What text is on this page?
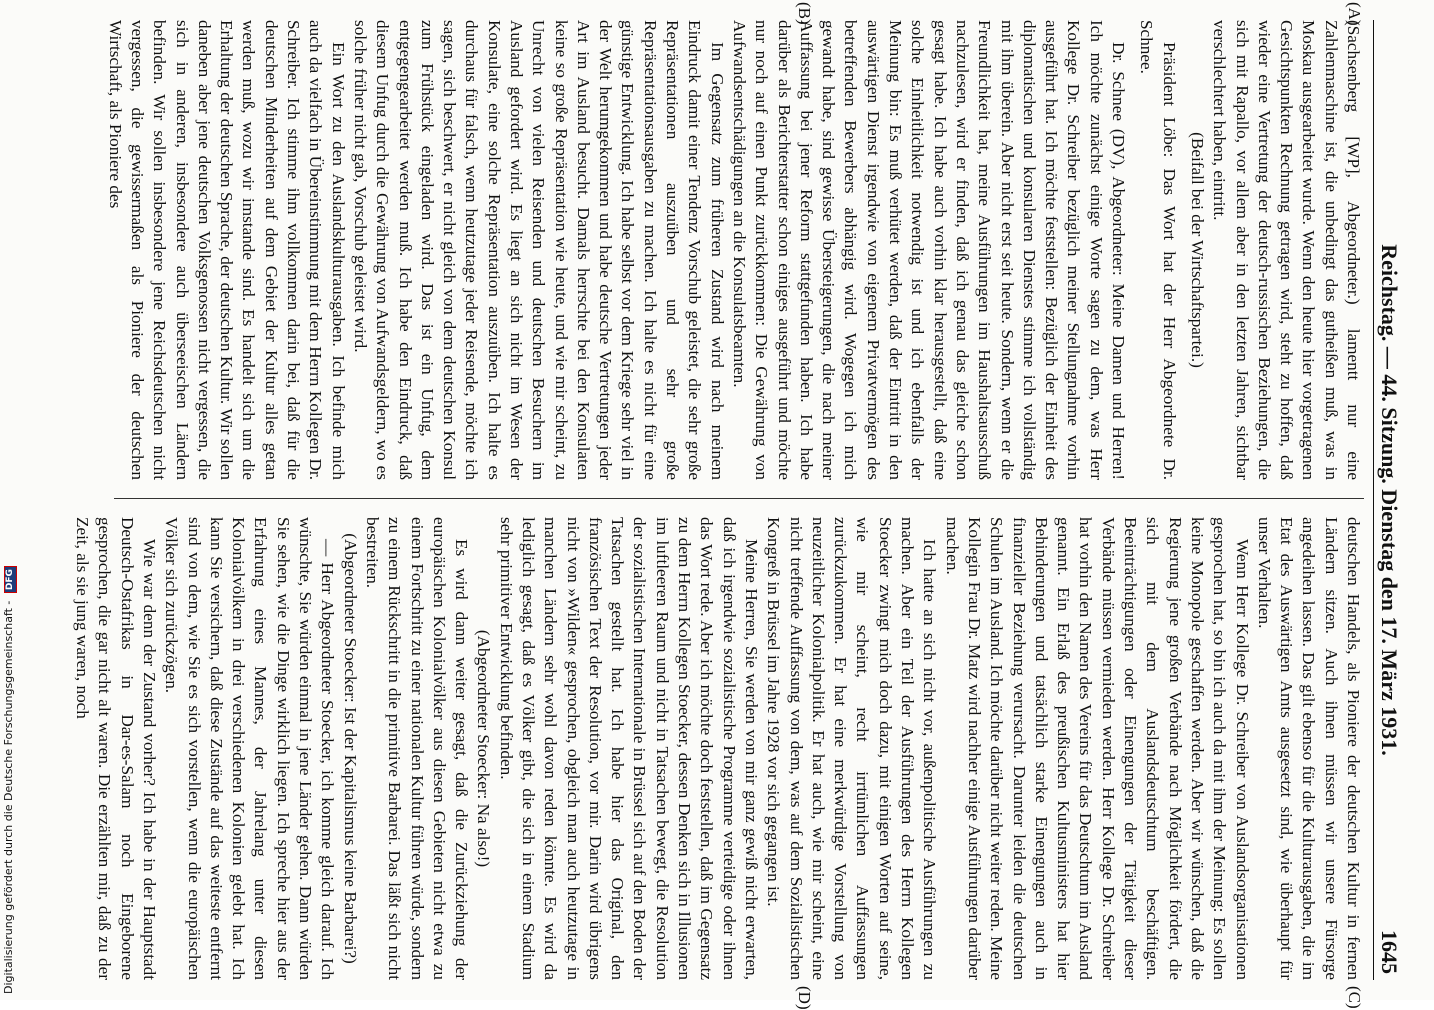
Reichstag. — 44. Sitzung. Dienstag den 17. März 1931.
1645
(A)
(B)
(C)
(D)

(Sachsenberg [WP], Abgeordneter.) lamentt nur eine Zahlenmaschine ist, die unbedingt das gutheißen muß, was in Moskau ausgearbeitet wurde. Wenn den heute hier vorgetragenen Gesichtspunkten Rechnung getragen wird, steht zu hoffen, daß wieder eine Vertretung der deutsch-russischen Beziehungen, die sich mit Rapallo, vor allem aber in den letzten Jahren, sichtbar verschlechtert haben, eintritt.

(Beifall bei der Wirtschaftspartei.)

Präsident Löbe: Das Wort hat der Herr Abgeordnete Dr. Schnee.

Dr. Schnee (DV), Abgeordneter: Meine Damen und Herren! Ich möchte zunächst einige Worte sagen zu dem, was Herr Kollege Dr. Schreiber bezüglich meiner Stellungnahme vorhin ausgeführt hat. Ich möchte feststellen: Bezüglich der Einheit des diplomatischen und konsularen Dienstes stimme ich vollständig mit ihm überein. Aber nicht erst seit heute. Sondern, wenn er die Freundlichkeit hat, meine Ausführungen im Haushaltsausschuß nachzulesen, wird er finden, daß ich genau das gleiche schon gesagt habe. Ich habe auch vorhin klar herausgestellt, daß eine solche Einheitlichkeit notwendig ist und ich ebenfalls der Meinung bin: Es muß verhütet werden, daß der Eintritt in den auswärtigen Dienst irgendwie von eigenem Privatvermögen des betreffenden Bewerbers abhängig wird. Wogegen ich mich gewandt habe, sind gewisse Übersteigerungen, die nach meiner Auffassung bei jener Reform stattgefunden haben. Ich habe darüber als Berichterstatter schon einiges ausgeführt und möchte nur noch auf einen Punkt zurückkommen: Die Gewährung von Aufwandsentschädigungen an die Konsulatsbeamten.

Im Gegensatz zum früheren Zustand wird nach meinem Eindruck damit einer Tendenz Vorschub geleistet, die sehr große Repräsentationen auszuüben und sehr große Repräsentationsausgaben zu machen. Ich halte es nicht für eine günstige Entwicklung. Ich habe selbst vor dem Kriege sehr viel in der Welt herumgekommen und habe deutsche Vertretungen jeder Art im Ausland besucht. Damals herrschte bei den Konsulaten keine so große Repräsentation wie heute, und wie mir scheint, zu Unrecht von vielen Reisenden und deutschen Besuchern im Ausland gefordert wird. Es liegt an sich nicht im Wesen der Konsulate, eine solche Repräsentation auszuüben. Ich halte es durchaus für falsch, wenn heutzutage jeder Reisende, möchte ich sagen, sich beschwert, er nicht gleich von dem deutschen Konsul zum Frühstück eingeladen wird. Das ist ein Unfug, dem entgegengearbeitet werden muß. Ich habe den Eindruck, daß diesem Unfug durch die Gewährung von Aufwandsgeldern, wo es solche früher nicht gab, Vorschub geleistet wird.

Ein Wort zu den Auslandskulturausgaben. Ich befinde mich auch da vielfach in Übereinstimmung mit dem Herrn Kollegen Dr. Schreiber. Ich stimme ihm vollkommen darin bei, daß für die deutschen Minderheiten auf dem Gebiet der Kultur alles getan werden muß, wozu wir imstande sind. Es handelt sich um die Erhaltung der deutschen Sprache, der deutschen Kultur. Wir sollen daneben aber jene deutschen Volksgenossen nicht vergessen, die sich in anderen, insbesondere auch überseeischen Ländern befinden. Wir sollen insbesondere jene Reichsdeutschen nicht vergessen, die gewissermaßen als Pioniere der deutschen Wirtschaft, als Pioniere des

deutschen Handels, als Pioniere der deutschen Kultur in fernen Ländern sitzen. Auch ihnen müssen wir unsere Fürsorge angedeihen lassen. Das gilt ebenso für die Kulturausgaben, die im Etat des Auswärtigen Amts ausgesetzt sind, wie überhaupt für unser Verhalten.

Wenn Herr Kollege Dr. Schreiber von Auslandsorganisationen gesprochen hat, so bin ich auch da mit ihm der Meinung: Es sollen keine Monopole geschaffen werden. Aber wir wünschen, daß die Regierung jene großen Verbände nach Möglichkeit fördert, die sich mit dem Auslandsdeutschtum beschäftigen. Beeinträchtigungen oder Einengungen der Tätigkeit dieser Verbände müssen vermieden werden. Herr Kollege Dr. Schreiber hat vorhin den Namen des Vereins für das Deutschtum im Ausland genannt. Ein Erlaß des preußischen Kultusministers hat hier Behinderungen und tatsächlich starke Einengungen auch in finanzieller Beziehung verursacht. Darunter leiden die deutschen Schulen im Ausland. Ich möchte darüber nicht weiter reden. Meine Kollegin Frau Dr. Matz wird nachher einige Ausführungen darüber machen.

Ich hatte an sich nicht vor, außenpolitische Ausführungen zu machen. Aber ein Teil der Ausführungen des Herrn Kollegen Stoecker zwingt mich doch dazu, mit einigen Worten auf seine, wie mir scheint, recht irrtümlichen Auffassungen zurückzukommen. Er hat eine merkwürdige Vorstellung von neuzeitlicher Kolonialpolitik. Er hat auch, wie mir scheint, eine nicht treffende Auffassung von dem, was auf dem Sozialistischen Kongreß in Brüssel im Jahre 1928 vor sich gegangen ist.

Meine Herren, Sie werden von mir ganz gewiß nicht erwarten, daß ich irgendwie sozialistische Programme verteidige oder ihnen das Wort rede. Aber ich möchte doch feststellen, daß im Gegensatz zu dem Herrn Kollegen Stoecker, dessen Denken sich in Illusionen im luftleeren Raum und nicht in Tatsachen bewegt, die Resolution der sozialistischen Internationale in Brüssel sich auf den Boden der Tatsachen gestellt hat. Ich habe hier das Original, den französischen Text der Resolution, vor mir. Darin wird übrigens nicht von »Wilden« gesprochen, obgleich man auch heutzutage in manchen Ländern sehr wohl davon reden könnte. Es wird da lediglich gesagt, daß es Völker gibt, die sich in einem Stadium sehr primitiver Entwicklung befinden.

(Abgeordneter Stoecker: Na also!)

Es wird dann weiter gesagt, daß die Zurückziehung der europäischen Kolonialvölker aus diesen Gebieten nicht etwa zu einem Fortschritt zu einer nationalen Kultur führen würde, sondern zu einem Rückschritt in die primitive Barbarei. Das läßt sich nicht bestreiten.

(Abgeordneter Stoecker: Ist der Kapitalismus keine Barbarei?)

— Herr Abgeordneter Stoecker, ich komme gleich darauf. Ich wünschte, Sie würden einmal in jene Länder gehen. Dann würden Sie sehen, wie die Dinge wirklich liegen. Ich spreche hier aus der Erfahrung eines Mannes, der Jahrelang unter diesen Kolonialvölkern in drei verschiedenen Kolonien gelebt hat. Ich kann Sie versichern, daß diese Zustände auf das weiteste entfernt sind von dem, wie Sie es sich vorstellen, wenn die europäischen Völker sich zurückzögen.

Wie war denn der Zustand vorher? Ich habe in der Hauptstadt Deutsch-Ostafrikas in Dar-es-Salam noch Eingeborene gesprochen, die gar nicht alt waren. Die erzählten mir, daß zu der Zeit, als sie jung waren, noch

Digitalisierung gefördert durch die Deutsche Forschungsgemeinschaft - DFG
